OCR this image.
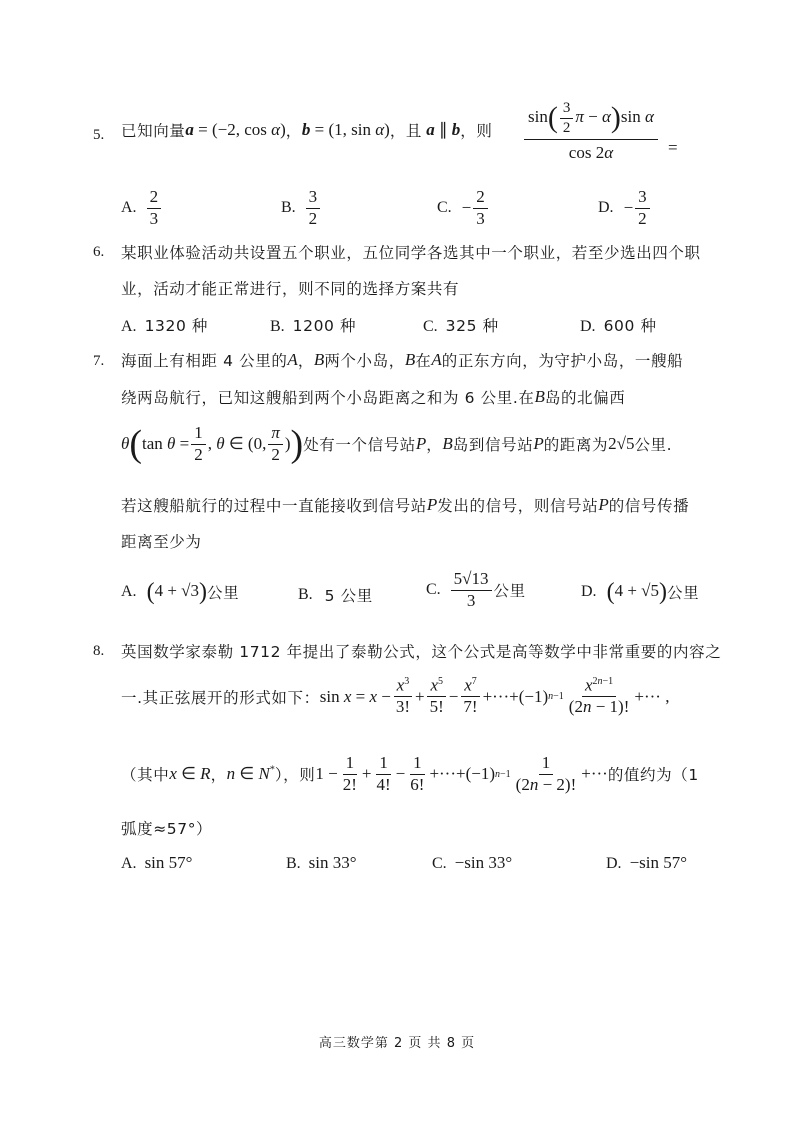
5. 已知向量 a = (−2, cos α) ， b = (1, sin α) ，且 a ∥ b ，则 $\frac{\sin( \frac{3}{2} \pi - \alpha)\sin \alpha}{\cos 2\alpha}$ =
A. $\frac{2}{3}$	B. $\frac{3}{2}$	C. − $\frac{2}{3}$	D. − $\frac{3}{2}$
6. 某职业体验活动共设置五个职业，五位同学各选其中一个职业，若至少选出四个职
业，活动才能正常进行，则不同的选择方案共有
A. 1320 种	B. 1200 种	C. 325 种	D. 600 种
7. 海面上有相距 4 公里的 A ， B 两个小岛， B 在 A 的正东方向，为守护小岛，一艘船
绕两岛航行，已知这艘船到两个小岛距离之和为 6 公里.在 B 岛的北偏西
θ ( $\tan \theta = \frac{1}{2}$ , θ ∈ (0, $\frac{\pi}{2}$ ) ) 处有一个信号站 P ， B 岛到信号站 P 的距离为 2√5 公里.
若这艘船航行的过程中一直能接收到信号站 P 发出的信号，则信号站 P 的信号传播
距离至少为
A. (4 + √3) 公里	B.
5 公里	C. $\frac{5√13}{3}$ 公里	D. (4 + √5) 公里
8. 英国数学家泰勒 1712 年提出了泰勒公式，这个公式是高等数学中非常重要的内容之
一.其正弦展开的形式如下： $\sin x = x - \frac{x^3}{3!} + \frac{x^5}{5!} - \frac{x^7}{7!} +\cdot\cdot\cdot+(-1)$ $n-1 \frac{x^{2n-1}}{(2n - 1)!}$ +··· ,
（其中 x ∈ R ， n ∈ N* ），则 $1 - \frac{1}{2!} + \frac{1}{4!} - \frac{1}{6!} +\cdot\cdot\cdot+(-1)$ $n-1 \frac{1}{(2n - 2)!}$ +··· 的值约为（1
弧度≈57°）
A. sin 57°	B. sin 33°	C. −sin 33°	D. −sin 57°
高三数学第 2 页 共 8 页
